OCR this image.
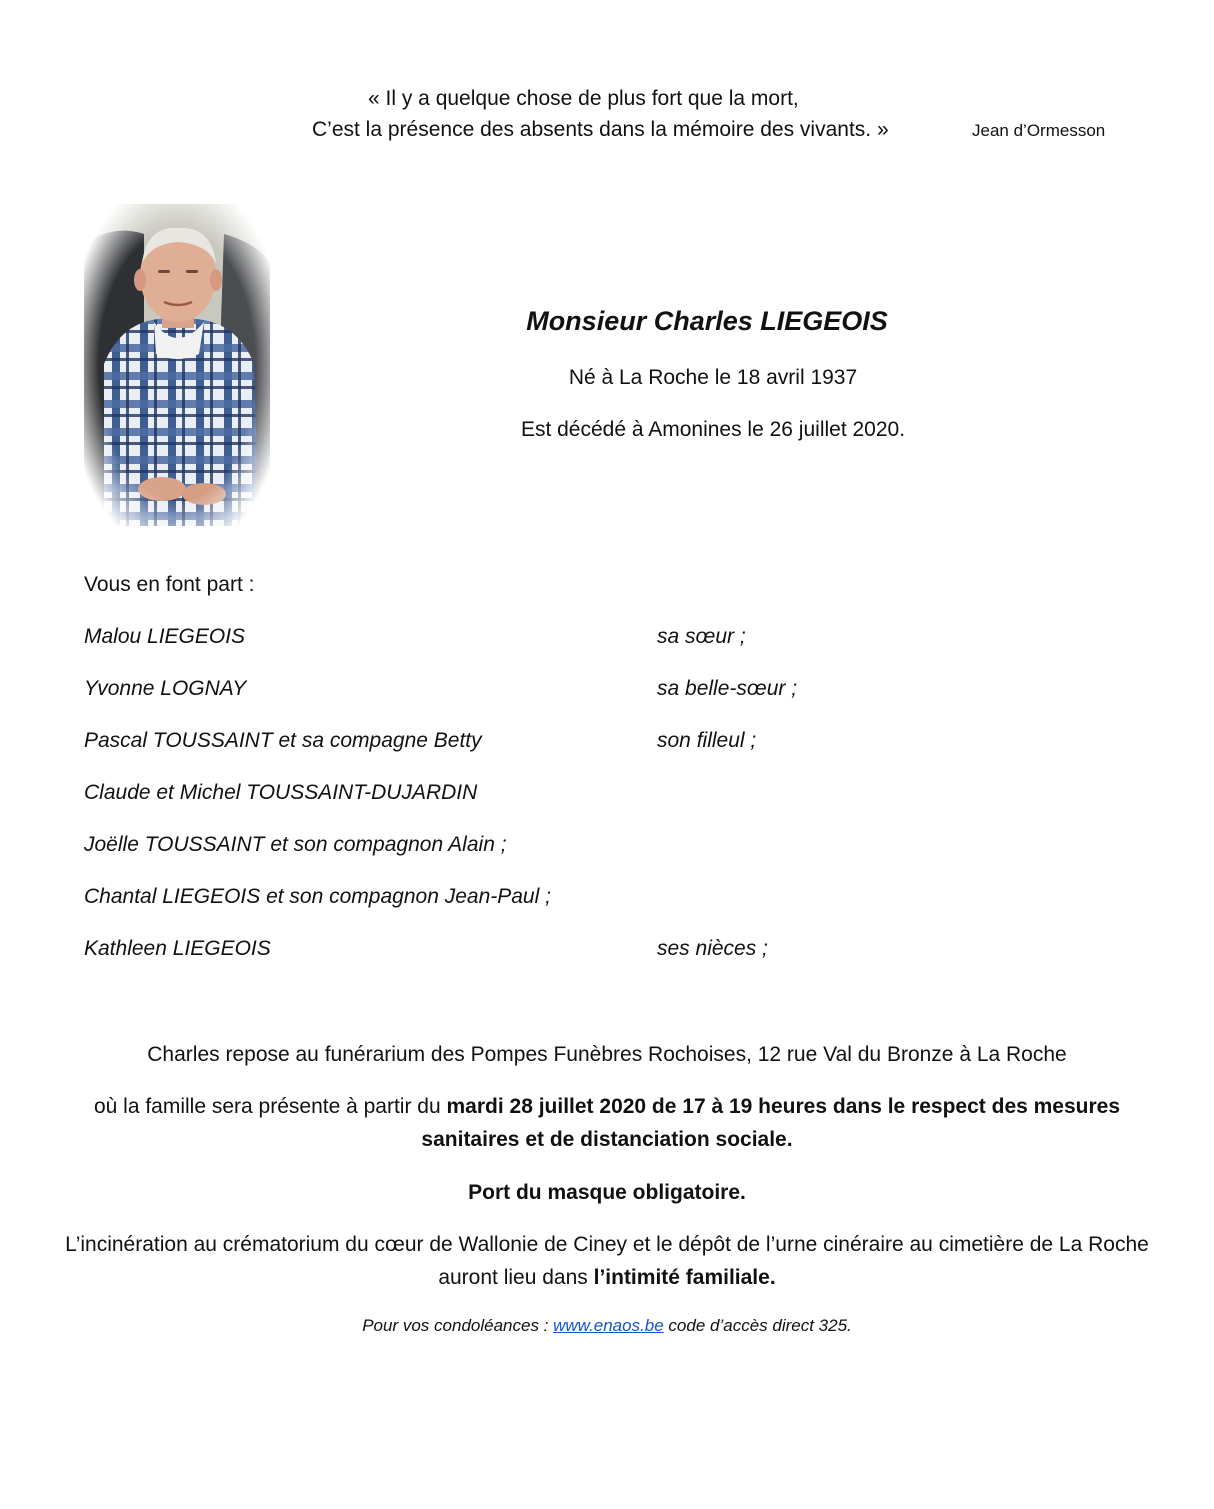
« Il y a quelque chose de plus fort que la mort,
C’est la présence des absents dans la mémoire des vivants. »	Jean d’Ormesson
Monsieur Charles LIEGEOIS
Né à La Roche le 18 avril 1937
Est décédé à Amonines le 26 juillet 2020.
Vous en font part :
Malou LIEGEOIS	sa sœur ;
Yvonne LOGNAY	sa belle-sœur ;
Pascal TOUSSAINT et sa compagne Betty	son filleul ;
Claude et Michel TOUSSAINT-DUJARDIN
Joëlle TOUSSAINT et son compagnon Alain ;
Chantal LIEGEOIS et son compagnon Jean-Paul ;
Kathleen LIEGEOIS	ses nièces ;
Charles repose au funérarium des Pompes Funèbres Rochoises, 12 rue Val du Bronze à La Roche
où la famille sera présente à partir du mardi 28 juillet 2020 de 17 à 19 heures dans le respect des mesures sanitaires et de distanciation sociale.
Port du masque obligatoire.
L’incinération au crématorium du cœur de Wallonie de Ciney et le dépôt de l’urne cinéraire au cimetière de La Roche auront lieu dans l’intimité familiale.
Pour vos condoléances : www.enaos.be code d’accès direct 325.
